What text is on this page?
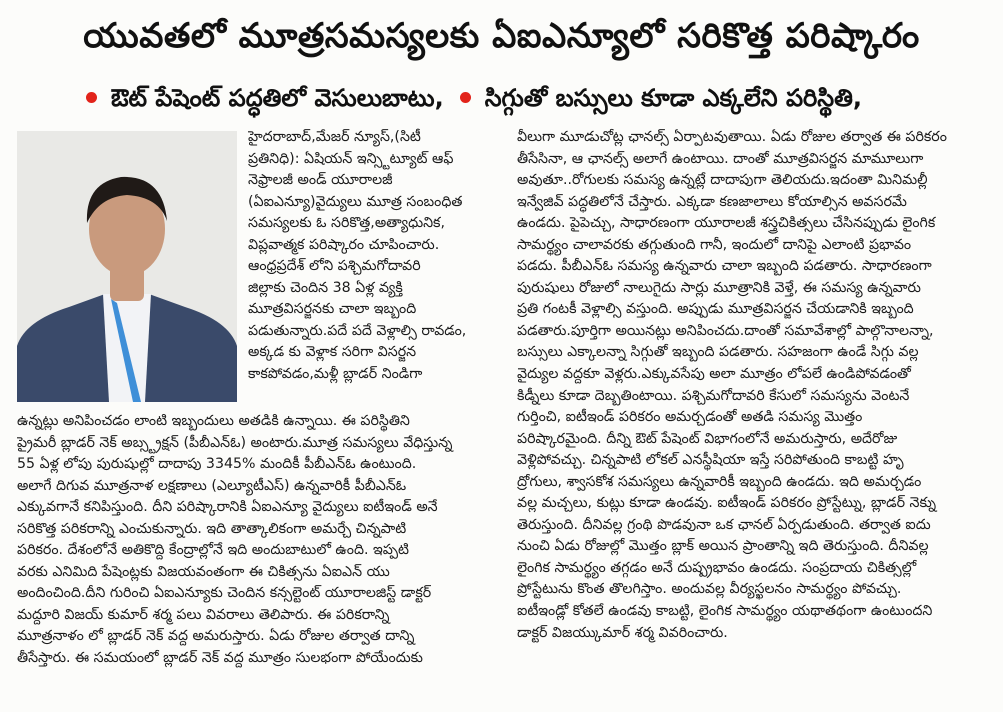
యువతలో మూత్రసమస్యలకు ఏఐఎన్యూలో సరికొత్త పరిష్కారం
ఔట్ పేషెంట్ పద్ధతిలో వెసులుబాటు, సిగ్గుతో బస్సులు కూడా ఎక్కలేని పరిస్థితి,
హైదరాబాద్,మేజర్ న్యూస్,(సిటీ
ప్రతినిధి): ఏషియన్ ఇన్స్టిట్యూట్ ఆఫ్
నెఫ్రాలజీ అండ్ యూరాలజీ
(ఏఐఎన్యూ)వైద్యులు మూత్ర సంబంధిత
సమస్యలకు ఓ సరికొత్త,అత్యాధునిక,
విప్లవాత్మక పరిష్కారం చూపించారు.
ఆంధ్రప్రదేశ్ లోని పశ్చిమగోదావరి
జిల్లాకు చెందిన 38 ఏళ్ల వ్యక్తి
మూత్రవిసర్జనకు చాలా ఇబ్బంది
పడుతున్నారు.పదే పదే వెళ్లాల్సి రావడం,
అక్కడ కు వెళ్లాక సరిగా విసర్జన
కాకపోవడం,మళ్లీ బ్లాడర్ నిండిగా
ఉన్నట్లు అనిపించడం లాంటి ఇబ్బందులు అతడికి ఉన్నాయి. ఈ పరిస్థితిని
ప్రైమరీ బ్లాడర్ నెక్ అబ్స్ట్రక్షన్ (పీబీఎన్ఓ) అంటారు.మూత్ర సమస్యలు వేధిస్తున్న
55 ఏళ్ల లోపు పురుషుల్లో దాదాపు 3345% మందికీ పీబీఎన్ఓ ఉంటుంది.
అలాగే దిగువ మూత్రనాళ లక్షణాలు (ఎల్యూటీఎస్) ఉన్నవారికీ పీబీఎన్ఓ
ఎక్కువగానే కనిపిస్తుంది. దీని పరిష్కారానికి ఏఐఎన్యూ వైద్యులు ఐటీఇండ్ అనే
సరికొత్త పరికరాన్ని ఎంచుకున్నారు. ఇది తాత్కాలికంగా అమర్చే చిన్నపాటి
పరికరం. దేశంలోనే అతికొద్ది కేంద్రాల్లోనే ఇది అందుబాటులో ఉంది. ఇప్పటి
వరకు ఎనిమిది పేషెంట్లకు విజయవంతంగా ఈ చికిత్సను ఏఐఎన్ యు
అందించింది.దీని గురించి ఏఐఎన్యూకు చెందిన కన్సల్టెంట్ యూరాలజిస్ట్ డాక్టర్
మద్దూరి విజయ్ కుమార్ శర్మ పలు వివరాలు తెలిపారు. ఈ పరికరాన్ని
మూత్రనాళం లో బ్లాడర్ నెక్ వద్ద అమరుస్తారు. ఏడు రోజుల తర్వాత దాన్ని
తీసేస్తారు. ఈ సమయంలో బ్లాడర్ నెక్ వద్ద మూత్రం సులభంగా పోయేందుకు
వీలుగా మూడుచోట్ల ఛానల్స్ ఏర్పాటవుతాయి. ఏడు రోజుల తర్వాత ఈ పరికరం
తీసేసినా, ఆ ఛానల్స్ అలాగే ఉంటాయి. దాంతో మూత్రవిసర్జన మామూలుగా
అవుతూ..రోగులకు సమస్య ఉన్నట్లే దాదాపుగా తెలియదు.ఇదంతా మినిమల్లీ
ఇన్వేజివ్ పద్ధతిలోనే చేస్తారు. ఎక్కడా కణజాలాలు కోయాల్సిన అవసరమే
ఉండదు. పైపెచ్చు, సాధారణంగా యూరాలజీ శస్త్రచికిత్సలు చేసినప్పుడు లైంగిక
సామర్థ్యం చాలావరకు తగ్గుతుంది గానీ, ఇందులో దానిపై ఎలాంటి ప్రభావం
పడదు. పీబీఎన్ఓ సమస్య ఉన్నవారు చాలా ఇబ్బంది పడతారు. సాధారణంగా
పురుషులు రోజులో నాలుగైదు సార్లు మూత్రానికి వెళ్తే, ఈ సమస్య ఉన్నవారు
ప్రతి గంటకీ వెళ్లాల్సి వస్తుంది. అప్పుడు మూత్రవిసర్జన చేయడానికి ఇబ్బంది
పడతారు.పూర్తిగా అయినట్లు అనిపించదు.దాంతో సమావేశాల్లో పాల్గొనాలన్నా,
బస్సులు ఎక్కాలన్నా సిగ్గుతో ఇబ్బంది పడతారు. సహజంగా ఉండే సిగ్గు వల్ల
వైద్యుల వద్దకూ వెళ్లరు.ఎక్కువసేపు అలా మూత్రం లోపలే ఉండిపోవడంతో
కిడ్నీలు కూడా దెబ్బతింటాయి. పశ్చిమగోదావరి కేసులో సమస్యను వెంటనే
గుర్తించి, ఐటీఇండ్ పరికరం అమర్చడంతో అతడి సమస్య మొత్తం
పరిష్కారమైంది. దీన్ని ఔట్ పేషెంట్ విభాగంలోనే అమరుస్తారు, అదేరోజు
వెళ్లిపోవచ్చు. చిన్నపాటి లోకల్ ఎనస్థీషియా ఇస్తే సరిపోతుంది కాబట్టి హృ
ద్రోగులు, శ్వాసకోశ సమస్యలు ఉన్నవారికీ ఇబ్బంది ఉండదు. ఇది అమర్చడం
వల్ల మచ్చలు, కుట్లు కూడా ఉండవు. ఐటీఇండ్ పరికరం ప్రోస్టేట్ను, బ్లాడర్ నెక్ను
తెరుస్తుంది. దీనివల్ల గ్రంథి పొడవునా ఒక ఛానల్ ఏర్పడుతుంది. తర్వాత ఐదు
నుంచి ఏడు రోజుల్లో మొత్తం బ్లాక్ అయిన ప్రాంతాన్ని ఇది తెరుస్తుంది. దీనివల్ల
లైంగిక సామర్థ్యం తగ్గడం అనే దుష్ప్రభావం ఉండదు. సంప్రదాయ చికిత్సల్లో
ప్రోస్టేటును కొంత తొలగిస్తాం. అందువల్ల వీర్యస్ఖలనం సామర్థ్యం పోవచ్చు.
ఐటీఇండ్లో కోతలే ఉండవు కాబట్టి, లైంగిక సామర్థ్యం యథాతథంగా ఉంటుందని
డాక్టర్ విజయ్కుమార్ శర్మ వివరించారు.
